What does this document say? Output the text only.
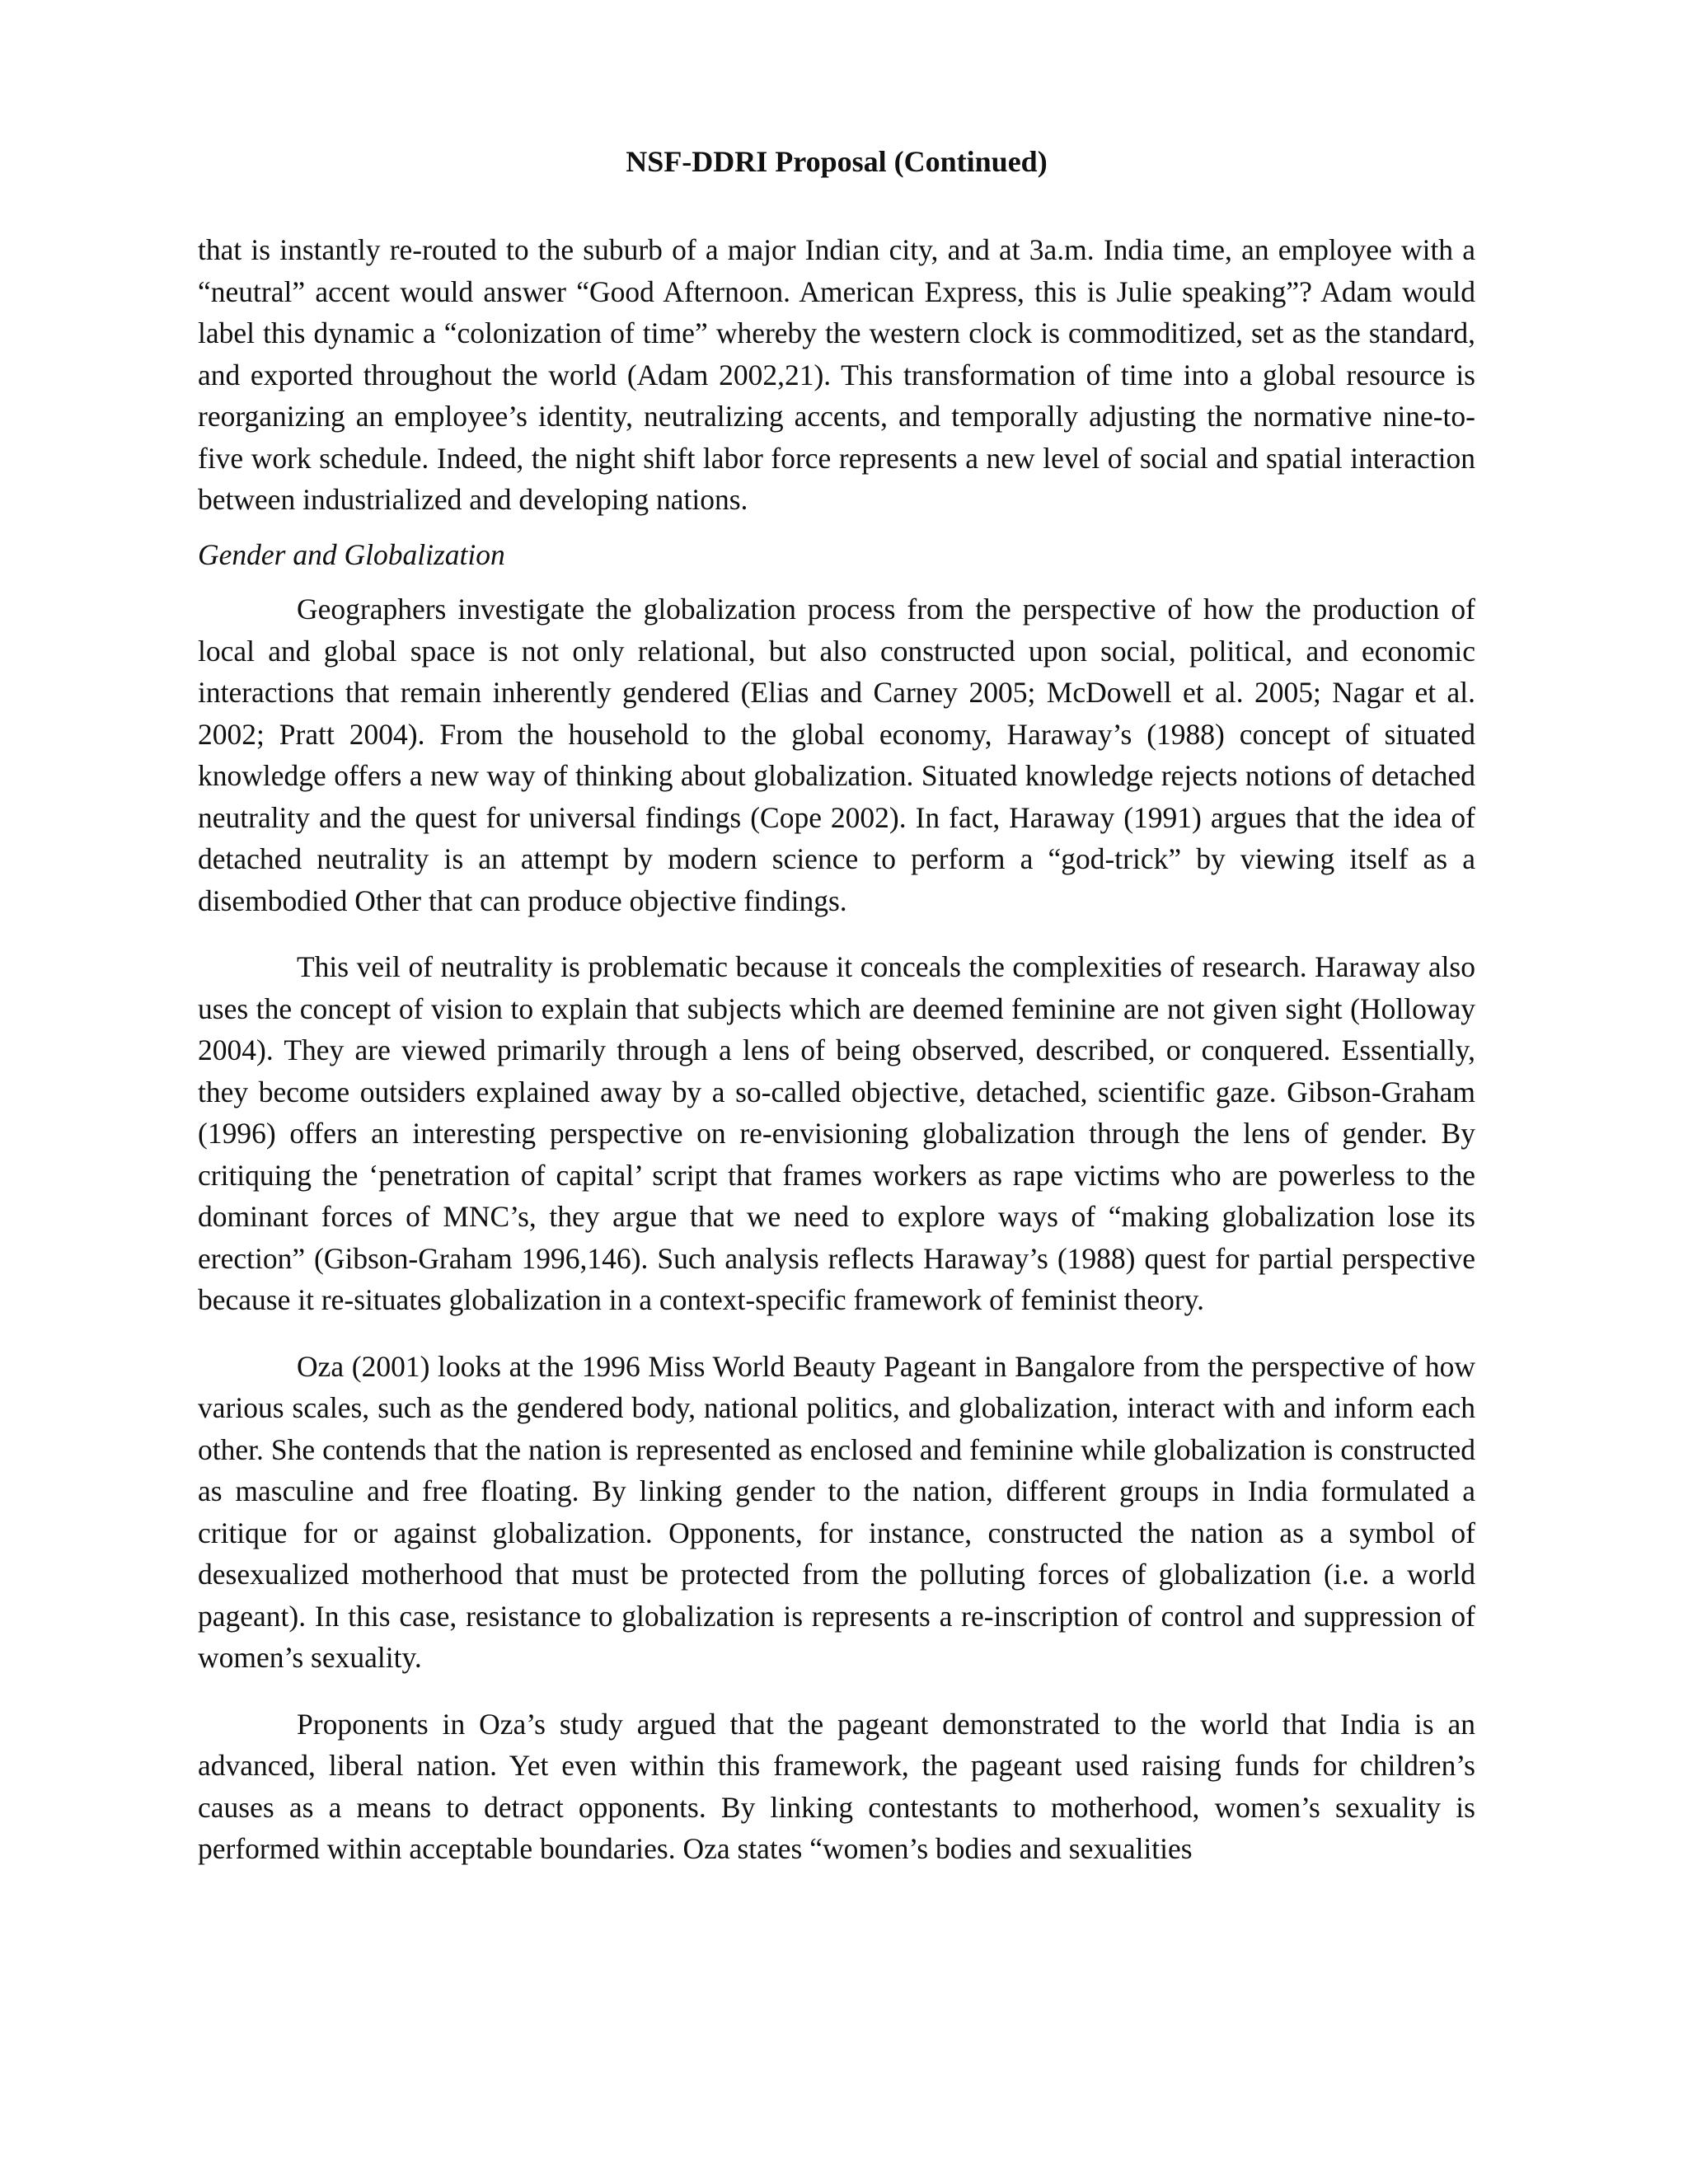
NSF-DDRI Proposal (Continued)

that is instantly re-routed to the suburb of a major Indian city, and at 3a.m. India time, an employee with a “neutral” accent would answer “Good Afternoon. American Express, this is Julie speaking”? Adam would label this dynamic a “colonization of time” whereby the western clock is commoditized, set as the standard, and exported throughout the world (Adam 2002,21). This transformation of time into a global resource is reorganizing an employee’s identity, neutralizing accents, and temporally adjusting the normative nine-to-five work schedule. Indeed, the night shift labor force represents a new level of social and spatial interaction between industrialized and developing nations.

Gender and Globalization

Geographers investigate the globalization process from the perspective of how the production of local and global space is not only relational, but also constructed upon social, political, and economic interactions that remain inherently gendered (Elias and Carney 2005; McDowell et al. 2005; Nagar et al. 2002; Pratt 2004). From the household to the global economy, Haraway’s (1988) concept of situated knowledge offers a new way of thinking about globalization. Situated knowledge rejects notions of detached neutrality and the quest for universal findings (Cope 2002). In fact, Haraway (1991) argues that the idea of detached neutrality is an attempt by modern science to perform a “god-trick” by viewing itself as a disembodied Other that can produce objective findings.

This veil of neutrality is problematic because it conceals the complexities of research. Haraway also uses the concept of vision to explain that subjects which are deemed feminine are not given sight (Holloway 2004). They are viewed primarily through a lens of being observed, described, or conquered. Essentially, they become outsiders explained away by a so-called objective, detached, scientific gaze. Gibson-Graham (1996) offers an interesting perspective on re-envisioning globalization through the lens of gender. By critiquing the ‘penetration of capital’ script that frames workers as rape victims who are powerless to the dominant forces of MNC’s, they argue that we need to explore ways of “making globalization lose its erection” (Gibson-Graham 1996,146). Such analysis reflects Haraway’s (1988) quest for partial perspective because it re-situates globalization in a context-specific framework of feminist theory.

Oza (2001) looks at the 1996 Miss World Beauty Pageant in Bangalore from the perspective of how various scales, such as the gendered body, national politics, and globalization, interact with and inform each other. She contends that the nation is represented as enclosed and feminine while globalization is constructed as masculine and free floating. By linking gender to the nation, different groups in India formulated a critique for or against globalization. Opponents, for instance, constructed the nation as a symbol of desexualized motherhood that must be protected from the polluting forces of globalization (i.e. a world pageant). In this case, resistance to globalization is represents a re-inscription of control and suppression of women’s sexuality.

Proponents in Oza’s study argued that the pageant demonstrated to the world that India is an advanced, liberal nation. Yet even within this framework, the pageant used raising funds for children’s causes as a means to detract opponents. By linking contestants to motherhood, women’s sexuality is performed within acceptable boundaries. Oza states “women’s bodies and sexualities
